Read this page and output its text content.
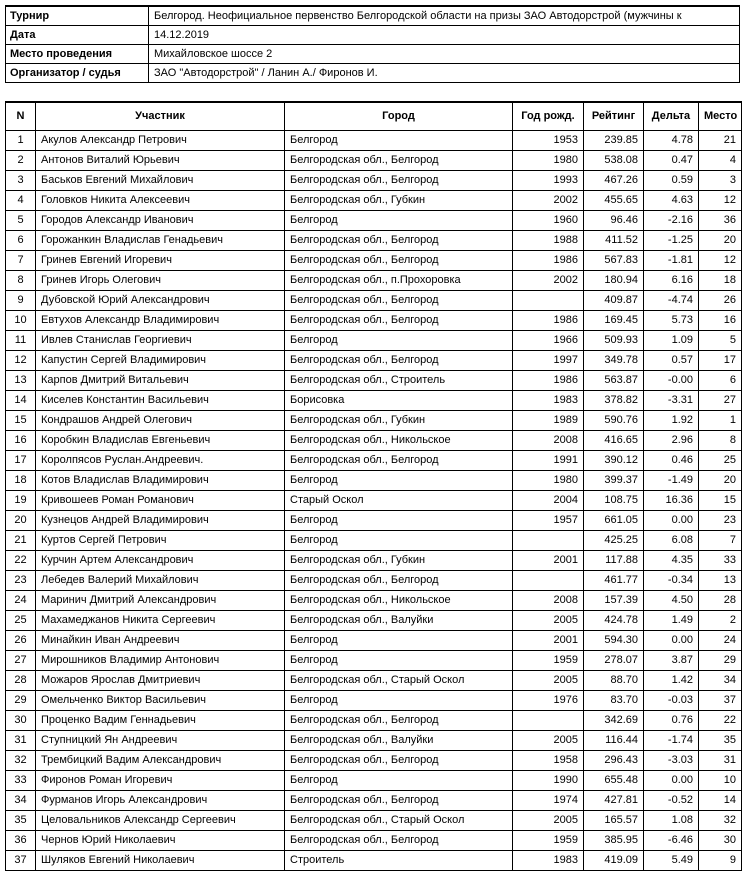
Турнир	Белгород. Неофициальное первенство Белгородской области на призы ЗАО Автодорстрой (мужчины к
Дата	14.12.2019
Место проведения	Михайловское шоссе 2
Организатор / судья	ЗАО "Автодорстрой" / Ланин А./ Фиронов И.
N	Участник	Город	Год рожд.	Рейтинг	Дельта	Место
1	Акулов Александр Петрович	Белгород	1953	239.85	4.78	21
2	Антонов Виталий Юрьевич	Белгородская обл., Белгород	1980	538.08	0.47	4
3	Баськов Евгений Михайлович	Белгородская обл., Белгород	1993	467.26	0.59	3
4	Головков Никита Алексеевич	Белгородская обл., Губкин	2002	455.65	4.63	12
5	Городов Александр Иванович	Белгород	1960	96.46	-2.16	36
6	Горожанкин Владислав Генадьевич	Белгородская обл., Белгород	1988	411.52	-1.25	20
7	Гринев Евгений Игоревич	Белгородская обл., Белгород	1986	567.83	-1.81	12
8	Гринев Игорь Олегович	Белгородская обл., п.Прохоровка	2002	180.94	6.16	18
9	Дубовской Юрий Александрович	Белгородская обл., Белгород		409.87	-4.74	26
10	Евтухов Александр Владимирович	Белгородская обл., Белгород	1986	169.45	5.73	16
11	Ивлев Станислав Георгиевич	Белгород	1966	509.93	1.09	5
12	Капустин Сергей Владимирович	Белгородская обл., Белгород	1997	349.78	0.57	17
13	Карпов Дмитрий Витальевич	Белгородская обл., Строитель	1986	563.87	-0.00	6
14	Киселев Константин Васильевич	Борисовка	1983	378.82	-3.31	27
15	Кондрашов Андрей Олегович	Белгородская обл., Губкин	1989	590.76	1.92	1
16	Коробкин Владислав Евгеньевич	Белгородская обл., Никольское	2008	416.65	2.96	8
17	Королпясов Руслан.Андреевич.	Белгородская обл., Белгород	1991	390.12	0.46	25
18	Котов Владислав Владимирович	Белгород	1980	399.37	-1.49	20
19	Кривошеев Роман Романович	Старый Оскол	2004	108.75	16.36	15
20	Кузнецов Андрей Владимирович	Белгород	1957	661.05	0.00	23
21	Куртов Сергей Петрович	Белгород		425.25	6.08	7
22	Курчин Артем Александрович	Белгородская обл., Губкин	2001	117.88	4.35	33
23	Лебедев Валерий Михайлович	Белгородская обл., Белгород		461.77	-0.34	13
24	Маринич Дмитрий Александрович	Белгородская обл., Никольское	2008	157.39	4.50	28
25	Махамеджанов Никита Сергеевич	Белгородская обл., Валуйки	2005	424.78	1.49	2
26	Минайкин Иван Андреевич	Белгород	2001	594.30	0.00	24
27	Мирошников Владимир Антонович	Белгород	1959	278.07	3.87	29
28	Можаров Ярослав Дмитриевич	Белгородская обл., Старый Оскол	2005	88.70	1.42	34
29	Омельченко Виктор Васильевич	Белгород	1976	83.70	-0.03	37
30	Проценко Вадим Геннадьевич	Белгородская обл., Белгород		342.69	0.76	22
31	Ступницкий Ян Андреевич	Белгородская обл., Валуйки	2005	116.44	-1.74	35
32	Трембицкий Вадим Александрович	Белгородская обл., Белгород	1958	296.43	-3.03	31
33	Фиронов Роман Игоревич	Белгород	1990	655.48	0.00	10
34	Фурманов Игорь Александрович	Белгородская обл., Белгород	1974	427.81	-0.52	14
35	Целовальников Александр Сергеевич	Белгородская обл., Старый Оскол	2005	165.57	1.08	32
36	Чернов Юрий Николаевич	Белгородская обл., Белгород	1959	385.95	-6.46	30
37	Шуляков Евгений Николаевич	Строитель	1983	419.09	5.49	9
